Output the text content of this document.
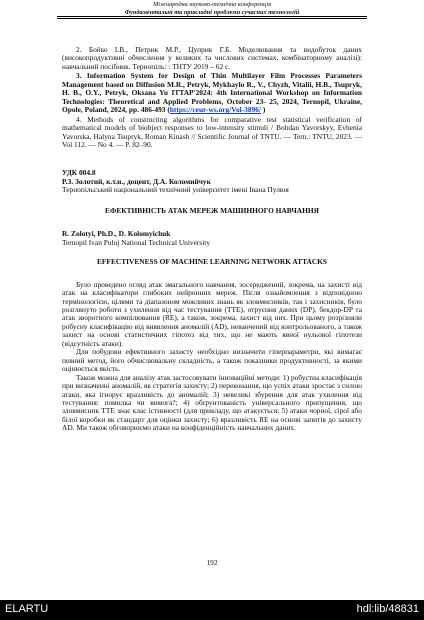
Міжнародна науково-технічна конференція
Фундаментальні та прикладні проблеми сучасних технологій

2. Бойко І.В., Петрик М.Р., Цуприк Г.Б. Моделювання та видобуток даних (високопродуктивні обчислення у великих та числових системах, комбінаторному аналізі): навчальний посібник. Тернопіль: : ТНТУ 2019 – 62 с.

3. Information System for Design of Thin Multilayer Film Processes Parameters Management based on Diffusion M.R., Petryk, Mykhaylo R., V., Chyzh, Vitalii, H.B., Tsupryk, H. B., O.Y., Petryk, Oksana Yu ITTAP'2024: 4th International Workshop on Information Technologies: Theoretical and Applied Problems, October 23- 25, 2024, Ternopil, Ukraine, Opole, Poland, 2024, pp. 486-493 (https://ceur-ws.org/Vol-3896/ )

4. Methods of constructing algorithms for comparative test statistical verification of mathematical models of biobject responses to low-intensity stimuli / Bohdan Yavorskyy, Evhenia Yavorska, Halyna Tsupryk, Roman Kinash // Scientific Journal of TNTU. — Tern.: TNTU, 2023. — Vol 112. — No 4. — P. 82–90.

УДК 004.8
Р.З. Золотий, к.т.н., доцент, Д.А. Коломийчук
Тернопільський національний технічний університет імені Івана Пулюя
ЕФЕКТИВНІСТЬ АТАК МЕРЕЖ МАШИННОГО НАВЧАННЯ
R. Zolotyi, Ph.D., D. Kolomyichuk
Ternopil Ivan Puluj National Technical University
EFFECTIVENESS OF MACHINE LEARNING NETWORK ATTACKS

Було проведено огляд атак змагального навчання, зосереджений, зокрема, на захисті від атак на класифікатори глибоких нейронних мереж. Після ознайомлення з відповідною термінологією, цілями та діапазоном можливих знань як зловмисників, так і захисників, було розглянуто роботи з ухилення від час тестування (TTE), отруєння даних (DP), бекдор-DP та атак зворотного компілювання (RE), а також, зокрема, захист від них. При цьому розрізняли робусну класифікацію від виявлення аномалій (AD), неванчений від контрольованого, а також захист на основі статистичних гіпотез від тих, що не мають явної нульової гіпотези (відсутність атаки).

Для побудови ефективного захисту необхідно визначити гіперпараметри, які вимагає певний метод, його обчислювальну складність, а також показники продуктивності, за якими оцінюється якість.

Також можна для аналізу атак застосовувати інноваційні методи: 1) робустна класифікація при визначенні аномалій, як стратегія захисту; 2) переконання, що успіх атаки зростає з силою атаки, яка ігнорує вразливість до аномалій; 3) невеликі збурення для атак ухилення від тестування: помилка чи вимога?; 4) обґрунтованість універсального припущення, що зловмисник TTE знає клас істинності (для прикладу, що атакується; 5) атаки чорної, сірої або білої коробки як стандарт для оцінки захисту; 6) вразливість RE на основі запитів до захисту AD. Ми також обговорюємо атаки на конфіденційність навчальних даних.

192
ELARTU	hdl:lib/48831
